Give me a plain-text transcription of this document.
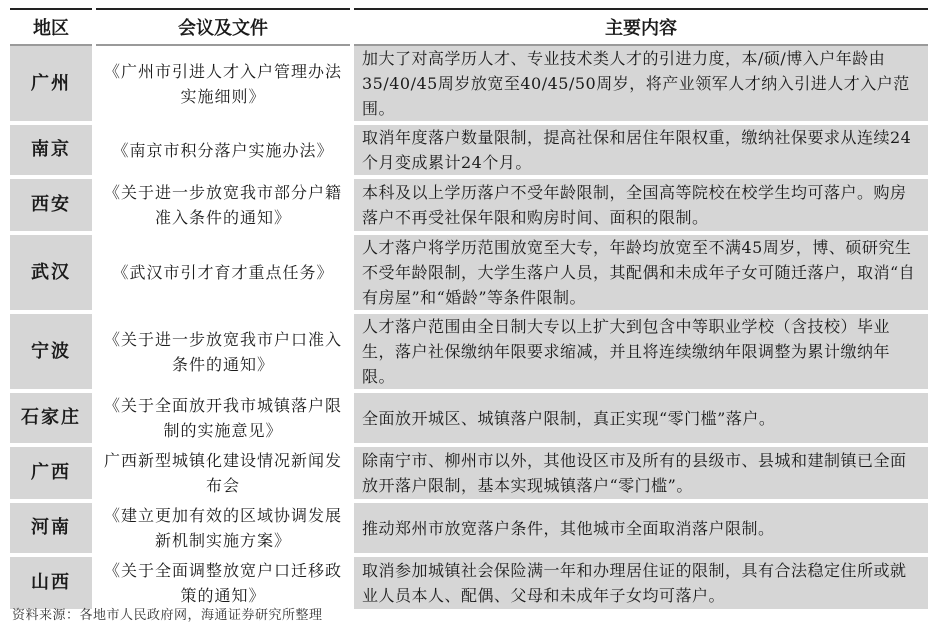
地区	会议及文件	主要内容
广州	《广州市引进人才入户管理办法实施细则》	加大了对高学历人才、专业技术类人才的引进力度，本/硕/博入户年龄由35/40/45周岁放宽至40/45/50周岁，将产业领军人才纳入引进人才入户范围。
南京	《南京市积分落户实施办法》	取消年度落户数量限制，提高社保和居住年限权重，缴纳社保要求从连续24个月变成累计24个月。
西安	《关于进一步放宽我市部分户籍准入条件的通知》	本科及以上学历落户不受年龄限制，全国高等院校在校学生均可落户。购房落户不再受社保年限和购房时间、面积的限制。
武汉	《武汉市引才育才重点任务》	人才落户将学历范围放宽至大专，年龄均放宽至不满45周岁，博、硕研究生不受年龄限制，大学生落户人员，其配偶和未成年子女可随迁落户，取消“自有房屋”和“婚龄”等条件限制。
宁波	《关于进一步放宽我市户口准入条件的通知》	人才落户范围由全日制大专以上扩大到包含中等职业学校（含技校）毕业生，落户社保缴纳年限要求缩减，并且将连续缴纳年限调整为累计缴纳年限。
石家庄	《关于全面放开我市城镇落户限制的实施意见》	全面放开城区、城镇落户限制，真正实现“零门槛”落户。
广西	广西新型城镇化建设情况新闻发布会	除南宁市、柳州市以外，其他设区市及所有的县级市、县城和建制镇已全面放开落户限制，基本实现城镇落户“零门槛”。
河南	《建立更加有效的区域协调发展新机制实施方案》	推动郑州市放宽落户条件，其他城市全面取消落户限制。
山西	《关于全面调整放宽户口迁移政策的通知》	取消参加城镇社会保险满一年和办理居住证的限制，具有合法稳定住所或就业人员本人、配偶、父母和未成年子女均可落户。
资料来源：各地市人民政府网，海通证券研究所整理
